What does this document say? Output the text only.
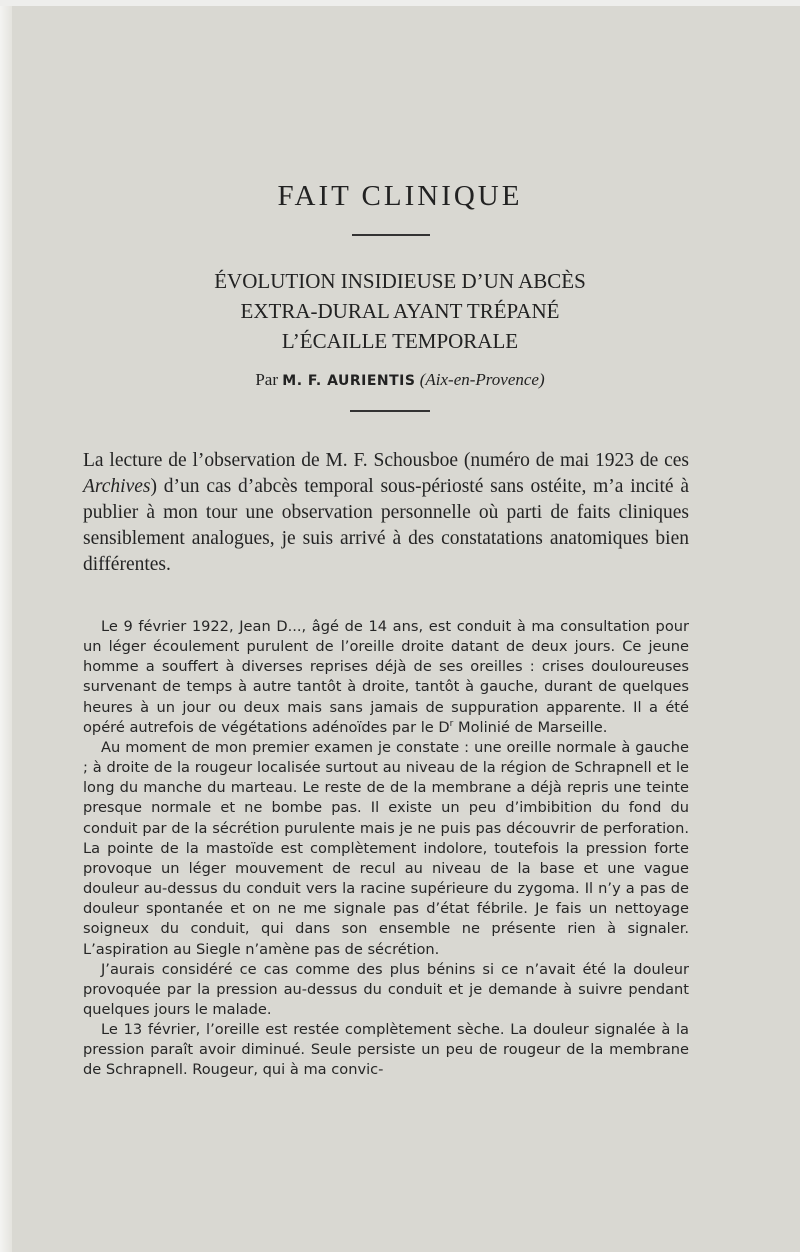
FAIT CLINIQUE
ÉVOLUTION INSIDIEUSE D’UN ABCÈS
EXTRA-DURAL AYANT TRÉPANÉ
L’ÉCAILLE TEMPORALE
Par M. F. AURIENTIS (Aix-en-Provence)

La lecture de l’observation de M. F. Schousboe (numéro de mai 1923 de ces Archives) d’un cas d’abcès temporal sous-périosté sans ostéite, m’a incité à publier à mon tour une observation personnelle où parti de faits cliniques sensiblement analogues, je suis arrivé à des constatations anatomiques bien différentes.

Le 9 février 1922, Jean D..., âgé de 14 ans, est conduit à ma consultation pour un léger écoulement purulent de l’oreille droite datant de deux jours. Ce jeune homme a souffert à diverses reprises déjà de ses oreilles : crises douloureuses survenant de temps à autre tantôt à droite, tantôt à gauche, durant de quelques heures à un jour ou deux mais sans jamais de suppuration apparente. Il a été opéré autrefois de végétations adénoïdes par le $D^r$ Molinié de Marseille.

Au moment de mon premier examen je constate : une oreille normale à gauche ; à droite de la rougeur localisée surtout au niveau de la région de Schrapnell et le long du manche du marteau. Le reste de de la membrane a déjà repris une teinte presque normale et ne bombe pas. Il existe un peu d’imbibition du fond du conduit par de la sécrétion purulente mais je ne puis pas découvrir de perforation. La pointe de la mastoïde est complètement indolore, toutefois la pression forte provoque un léger mouvement de recul au niveau de la base et une vague douleur au-dessus du conduit vers la racine supérieure du zygoma. Il n’y a pas de douleur spontanée et on ne me signale pas d’état fébrile. Je fais un nettoyage soigneux du conduit, qui dans son ensemble ne présente rien à signaler. L’aspiration au Siegle n’amène pas de sécrétion.

J’aurais considéré ce cas comme des plus bénins si ce n’avait été la douleur provoquée par la pression au-dessus du conduit et je demande à suivre pendant quelques jours le malade.

Le 13 février, l’oreille est restée complètement sèche. La douleur signalée à la pression paraît avoir diminué. Seule persiste un peu de rougeur de la membrane de Schrapnell. Rougeur, qui à ma convic-
